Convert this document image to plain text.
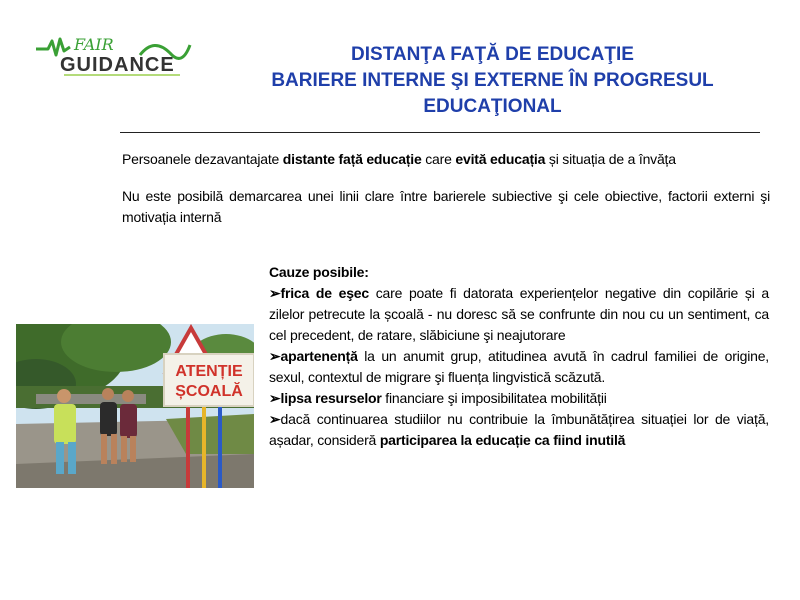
FAIR
GUIDANCE	DISTANŢA FAŢĂ DE EDUCAŢIE
BARIERE INTERNE ŞI EXTERNE ÎN PROGRESUL
EDUCAŢIONAL
Persoanele dezavantajate distante față educație care evită educația și situația de a învăța
Nu este posibilă demarcarea unei linii clare între barierele subiective şi cele obiective, factorii externi şi motivația internă
ATENȚIE
ȘCOALĂ
Cauze posibile:
➢frica de eşec care poate fi datorata experiențelor negative din copilărie și a zilelor petrecute la școală - nu doresc să se confrunte din nou cu un sentiment, ca cel precedent, de ratare, slăbiciune şi neajutorare
➢apartenență la un anumit grup, atitudinea avută în cadrul familiei de origine, sexul, contextul de migrare şi fluența lingvistică scăzută.
➢lipsa resurselor financiare şi imposibilitatea mobilității
➢dacă continuarea studiilor nu contribuie la îmbunătățirea situației lor de viață, așadar, consideră participarea la educație ca fiind inutilă
